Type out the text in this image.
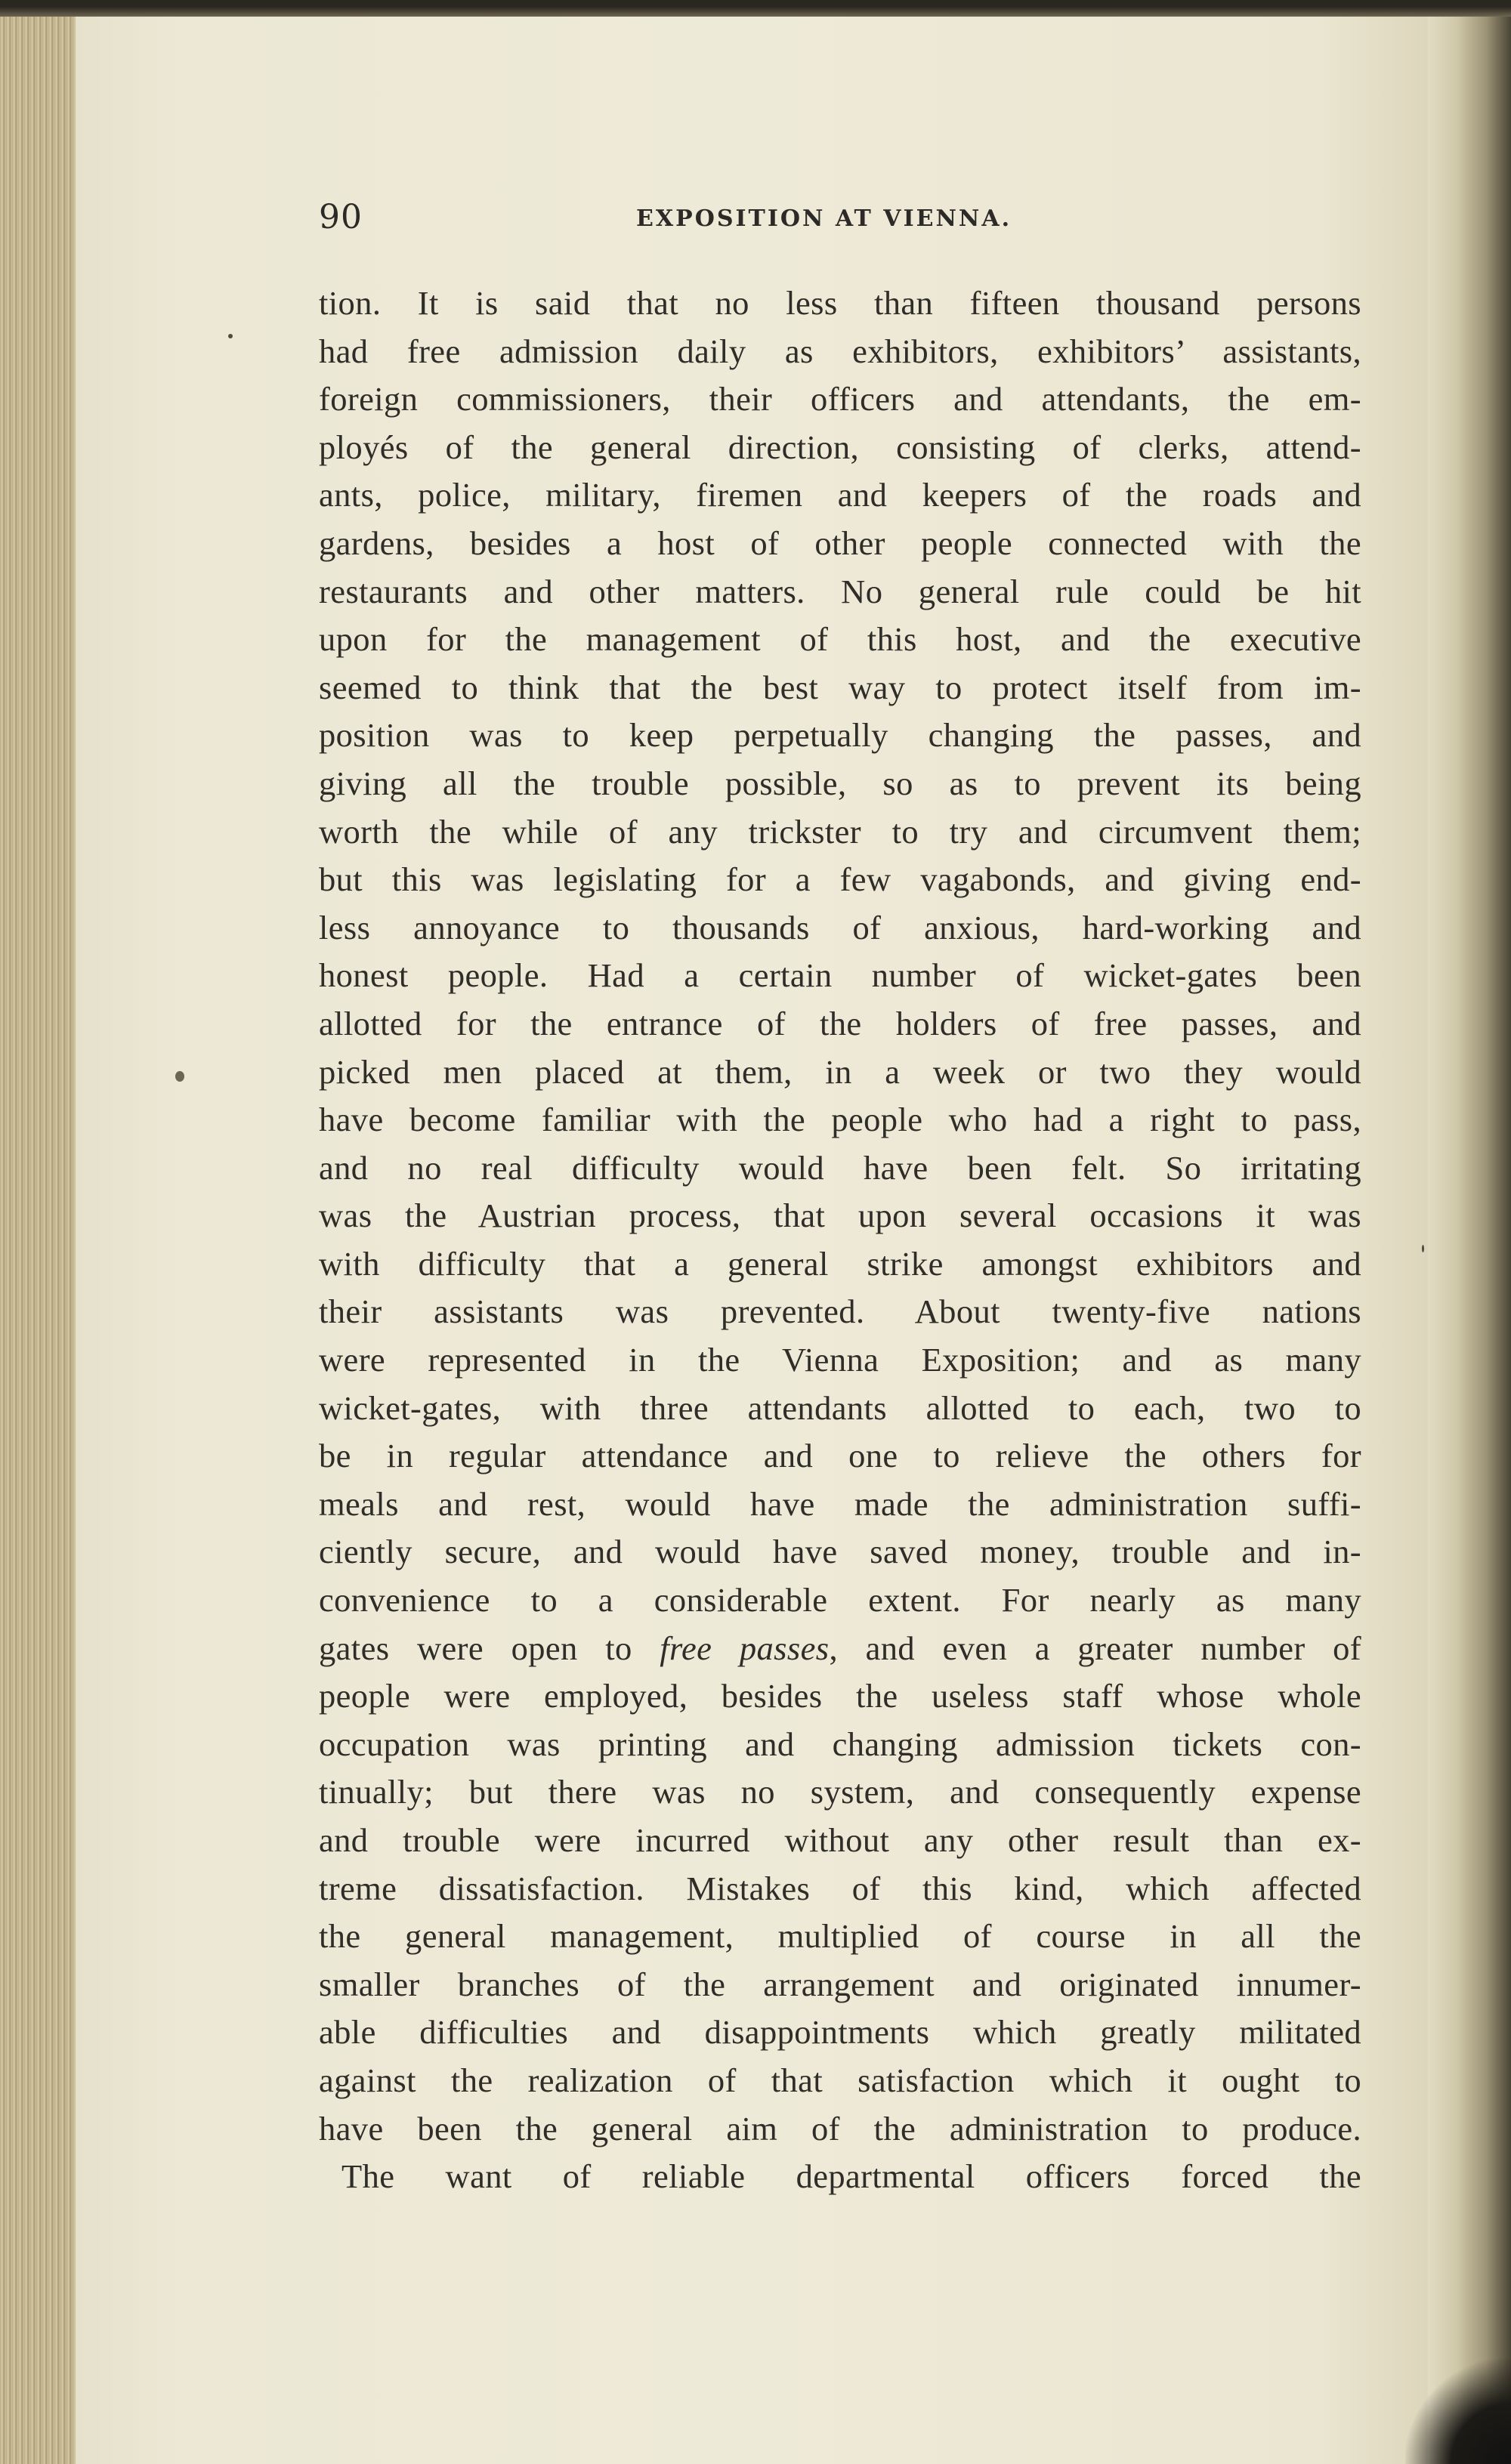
90	EXPOSITION AT VIENNA.
tion. It is said that no less than fifteen thousand persons
had free admission daily as exhibitors, exhibitors’ assistants,
foreign commissioners, their officers and attendants, the em-
ployés of the general direction, consisting of clerks, attend-
ants, police, military, firemen and keepers of the roads and
gardens, besides a host of other people connected with the
restaurants and other matters. No general rule could be hit
upon for the management of this host, and the executive
seemed to think that the best way to protect itself from im-
position was to keep perpetually changing the passes, and
giving all the trouble possible, so as to prevent its being
worth the while of any trickster to try and circumvent them;
but this was legislating for a few vagabonds, and giving end-
less annoyance to thousands of anxious, hard-working and
honest people. Had a certain number of wicket-gates been
allotted for the entrance of the holders of free passes, and
picked men placed at them, in a week or two they would
have become familiar with the people who had a right to pass,
and no real difficulty would have been felt. So irritating
was the Austrian process, that upon several occasions it was
with difficulty that a general strike amongst exhibitors and
their assistants was prevented. About twenty-five nations
were represented in the Vienna Exposition; and as many
wicket-gates, with three attendants allotted to each, two to
be in regular attendance and one to relieve the others for
meals and rest, would have made the administration suffi-
ciently secure, and would have saved money, trouble and in-
convenience to a considerable extent. For nearly as many
gates were open to free passes, and even a greater number of
people were employed, besides the useless staff whose whole
occupation was printing and changing admission tickets con-
tinually; but there was no system, and consequently expense
and trouble were incurred without any other result than ex-
treme dissatisfaction. Mistakes of this kind, which affected
the general management, multiplied of course in all the
smaller branches of the arrangement and originated innumer-
able difficulties and disappointments which greatly militated
against the realization of that satisfaction which it ought to
have been the general aim of the administration to produce.
The want of reliable departmental officers forced the
